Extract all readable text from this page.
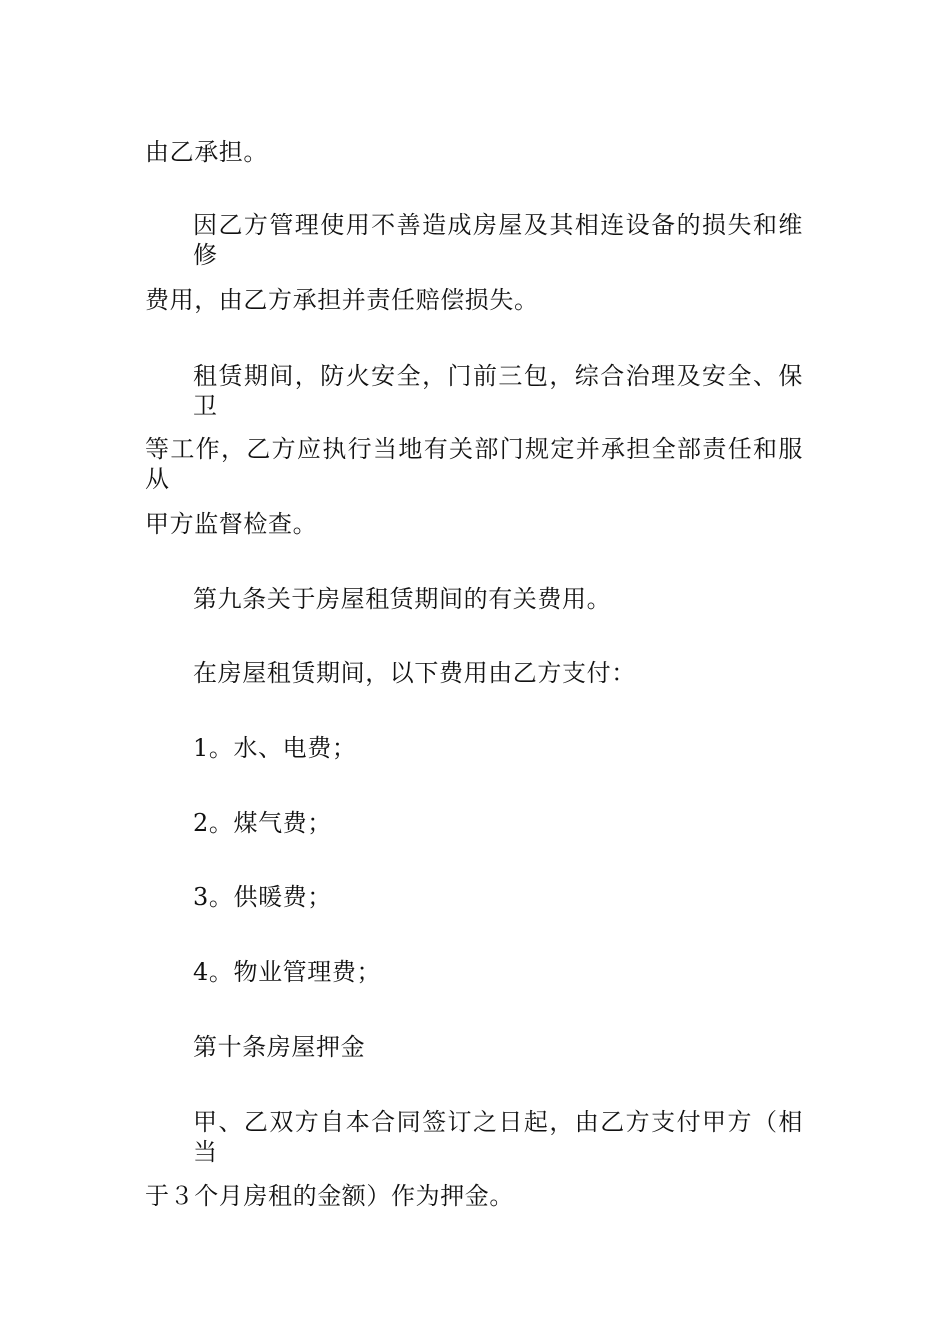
由乙承担。
因乙方管理使用不善造成房屋及其相连设备的损失和维修
费用，由乙方承担并责任赔偿损失。
租赁期间，防火安全，门前三包，综合治理及安全、保卫
等工作，乙方应执行当地有关部门规定并承担全部责任和服从
甲方监督检查。
第九条关于房屋租赁期间的有关费用。
在房屋租赁期间，以下费用由乙方支付：
1。水、电费；
2。煤气费；
3。供暖费；
4。物业管理费；
第十条房屋押金
甲、乙双方自本合同签订之日起，由乙方支付甲方（相当
于３个月房租的金额）作为押金。
